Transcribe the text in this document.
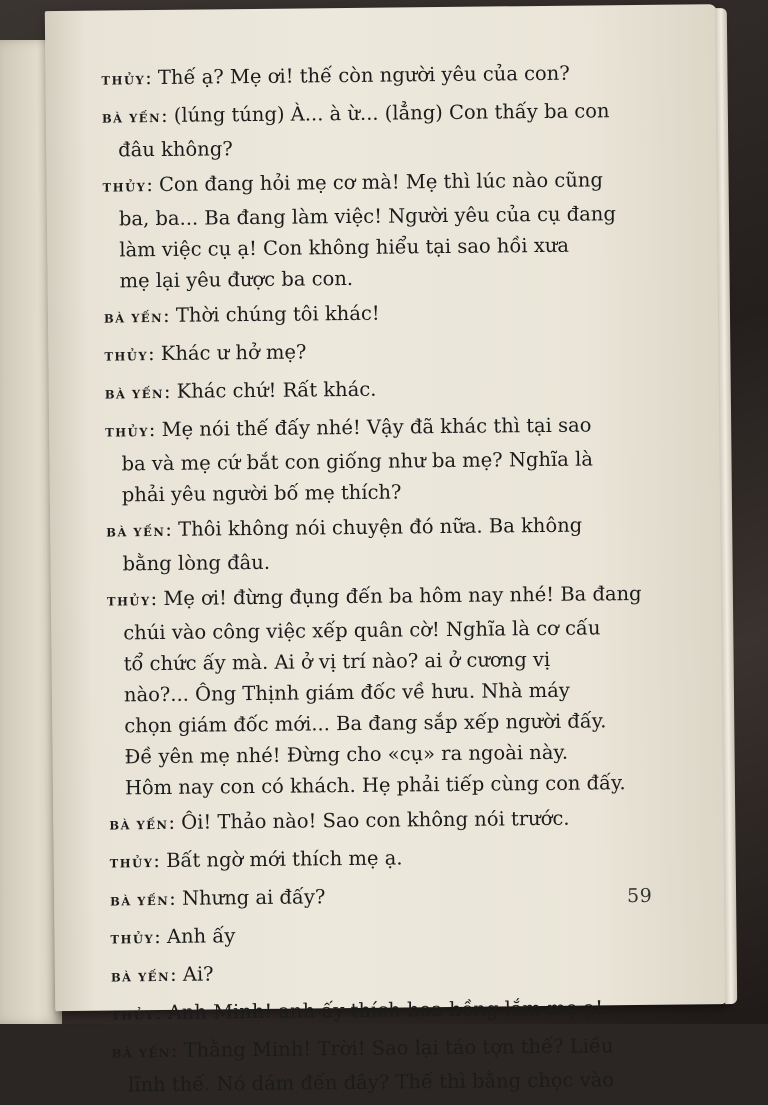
THỦY: Thế ạ? Mẹ ơi! thế còn người yêu của con?
BÀ YẾN: (lúng túng) À... à ừ... (lẳng) Con thấy ba con
đâu không?
THỦY: Con đang hỏi mẹ cơ mà! Mẹ thì lúc nào cũng
ba, ba... Ba đang làm việc! Người yêu của cụ đang
làm việc cụ ạ! Con không hiểu tại sao hồi xưa
mẹ lại yêu được ba con.
BÀ YẾN: Thời chúng tôi khác!
THỦY: Khác ư hở mẹ?
BÀ YẾN: Khác chứ! Rất khác.
THỦY: Mẹ nói thế đấy nhé! Vậy đã khác thì tại sao
ba và mẹ cứ bắt con giống như ba mẹ? Nghĩa là
phải yêu người bố mẹ thích?
BÀ YẾN: Thôi không nói chuyện đó nữa. Ba không
bằng lòng đâu.
THỦY: Mẹ ơi! đừng đụng đến ba hôm nay nhé! Ba đang
chúi vào công việc xếp quân cờ! Nghĩa là cơ cấu
tổ chức ấy mà. Ai ở vị trí nào? ai ở cương vị
nào?... Ông Thịnh giám đốc về hưu. Nhà máy
chọn giám đốc mới... Ba đang sắp xếp người đấy.
Đề yên mẹ nhé! Đừng cho «cụ» ra ngoài này.
Hôm nay con có khách. Hẹ phải tiếp cùng con đấy.
BÀ YẾN: Ôi! Thảo nào! Sao con không nói trước.
THỦY: Bất ngờ mới thích mẹ ạ.
BÀ YẾN: Nhưng ai đấy?
THỦY: Anh ấy
BÀ YẾN: Ai?
THỦY: Anh Minh! anh ấy thích hoa hồng lắm mẹ ạ!
BÀ YẾN: Thằng Minh! Trời! Sao lại táo tợn thế? Liều
lĩnh thế. Nó dám đến đây? Thế thì bằng chọc vào
59
